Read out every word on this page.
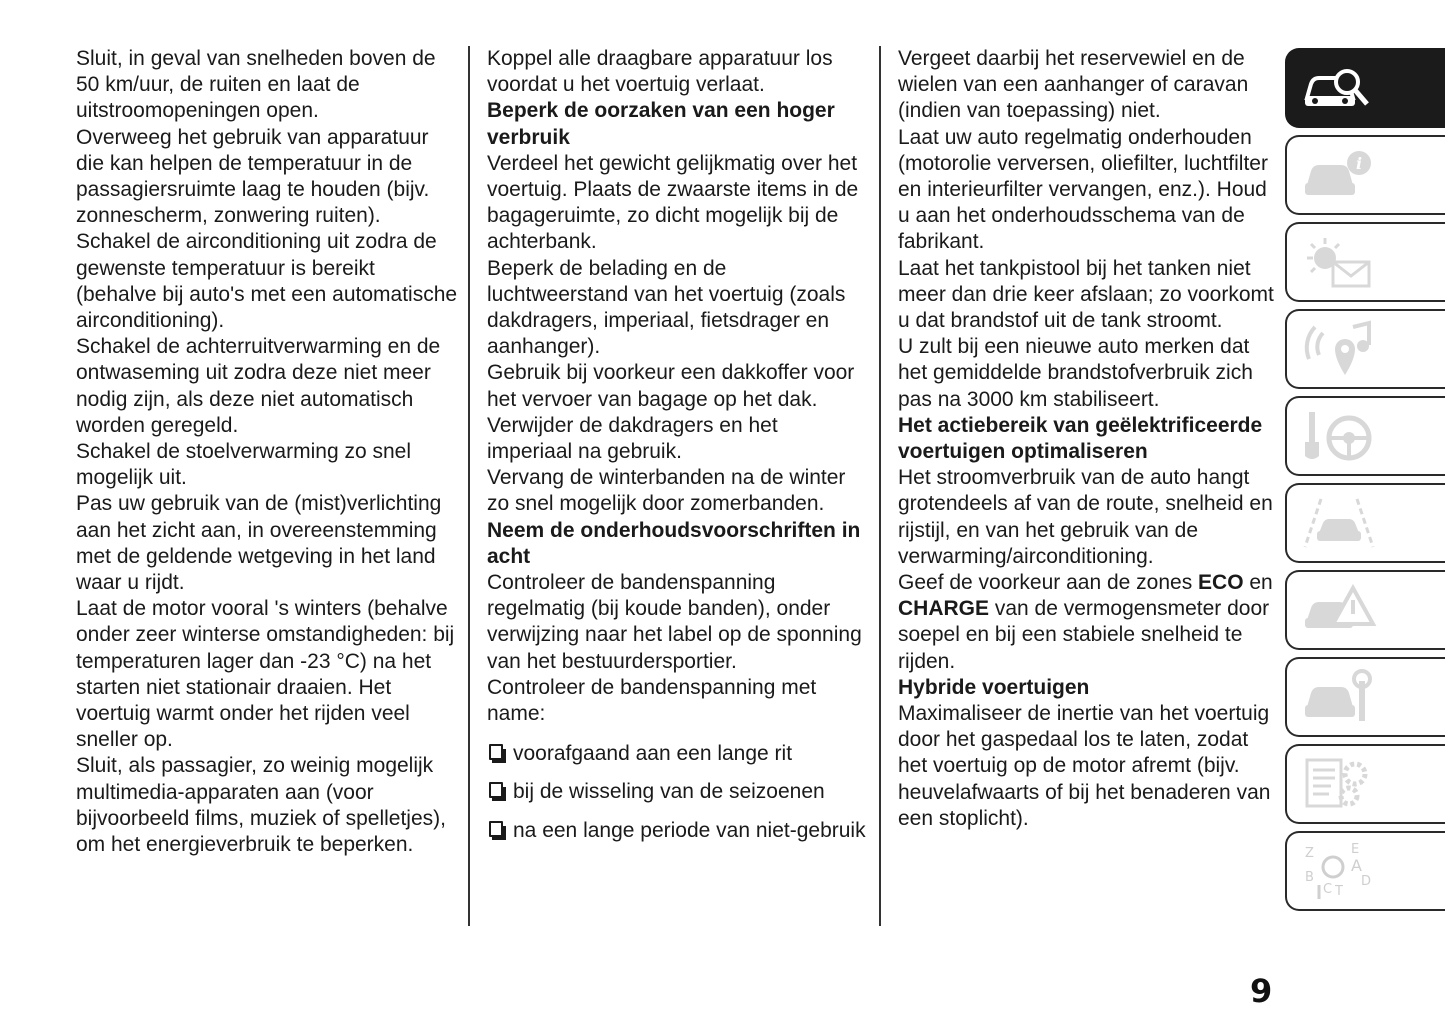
Sluit, in geval van snelheden boven de 50 km/uur, de ruiten en laat de uitstroomopeningen open.

Overweeg het gebruik van apparatuur die kan helpen de temperatuur in de passagiersruimte laag te houden (bijv. zonnescherm, zonwering ruiten).

Schakel de airconditioning uit zodra de gewenste temperatuur is bereikt (behalve bij auto's met een automatische airconditioning).

Schakel de achterruitverwarming en de ontwaseming uit zodra deze niet meer nodig zijn, als deze niet automatisch worden geregeld.

Schakel de stoelverwarming zo snel mogelijk uit.

Pas uw gebruik van de (mist)verlichting aan het zicht aan, in overeenstemming met de geldende wetgeving in het land waar u rijdt.

Laat de motor vooral 's winters (behalve onder zeer winterse omstandigheden: bij temperaturen lager dan -23 °C) na het starten niet stationair draaien. Het voertuig warmt onder het rijden veel sneller op.

Sluit, als passagier, zo weinig mogelijk multimedia-apparaten aan (voor bijvoorbeeld films, muziek of spelletjes), om het energieverbruik te beperken.

Koppel alle draagbare apparatuur los voordat u het voertuig verlaat.

Beperk de oorzaken van een hoger verbruik

Verdeel het gewicht gelijkmatig over het voertuig. Plaats de zwaarste items in de bagageruimte, zo dicht mogelijk bij de achterbank.

Beperk de belading en de luchtweerstand van het voertuig (zoals dakdragers, imperiaal, fietsdrager en aanhanger).

Gebruik bij voorkeur een dakkoffer voor het vervoer van bagage op het dak.

Verwijder de dakdragers en het imperiaal na gebruik.

Vervang de winterbanden na de winter zo snel mogelijk door zomerbanden.

Neem de onderhoudsvoorschriften in acht

Controleer de bandenspanning regelmatig (bij koude banden), onder verwijzing naar het label op de sponning van het bestuurdersportier.

Controleer de bandenspanning met name:

voorafgaand aan een lange rit
bij de wisseling van de seizoenen
na een lange periode van niet-gebruik

Vergeet daarbij het reservewiel en de wielen van een aanhanger of caravan (indien van toepassing) niet.

Laat uw auto regelmatig onderhouden (motorolie verversen, oliefilter, luchtfilter en interieurfilter vervangen, enz.). Houd u aan het onderhoudsschema van de fabrikant.

Laat het tankpistool bij het tanken niet meer dan drie keer afslaan; zo voorkomt u dat brandstof uit de tank stroomt.

U zult bij een nieuwe auto merken dat het gemiddelde brandstofverbruik zich pas na 3000 km stabiliseert.

Het actiebereik van geëlektrificeerde voertuigen optimaliseren

Het stroomverbruik van de auto hangt grotendeels af van de route, snelheid en rijstijl, en van het gebruik van de verwarming/airconditioning.

Geef de voorkeur aan de zones ECO en CHARGE van de vermogensmeter door soepel en bij een stabiele snelheid te rijden.

Hybride voertuigen

Maximaliseer de inertie van het voertuig door het gaspedaal los te laten, zodat het voertuig op de motor afremt (bijv. heuvelafwaarts of bij het benaderen van een stoplicht).

i
Z	E
A
B
C T
D
9
